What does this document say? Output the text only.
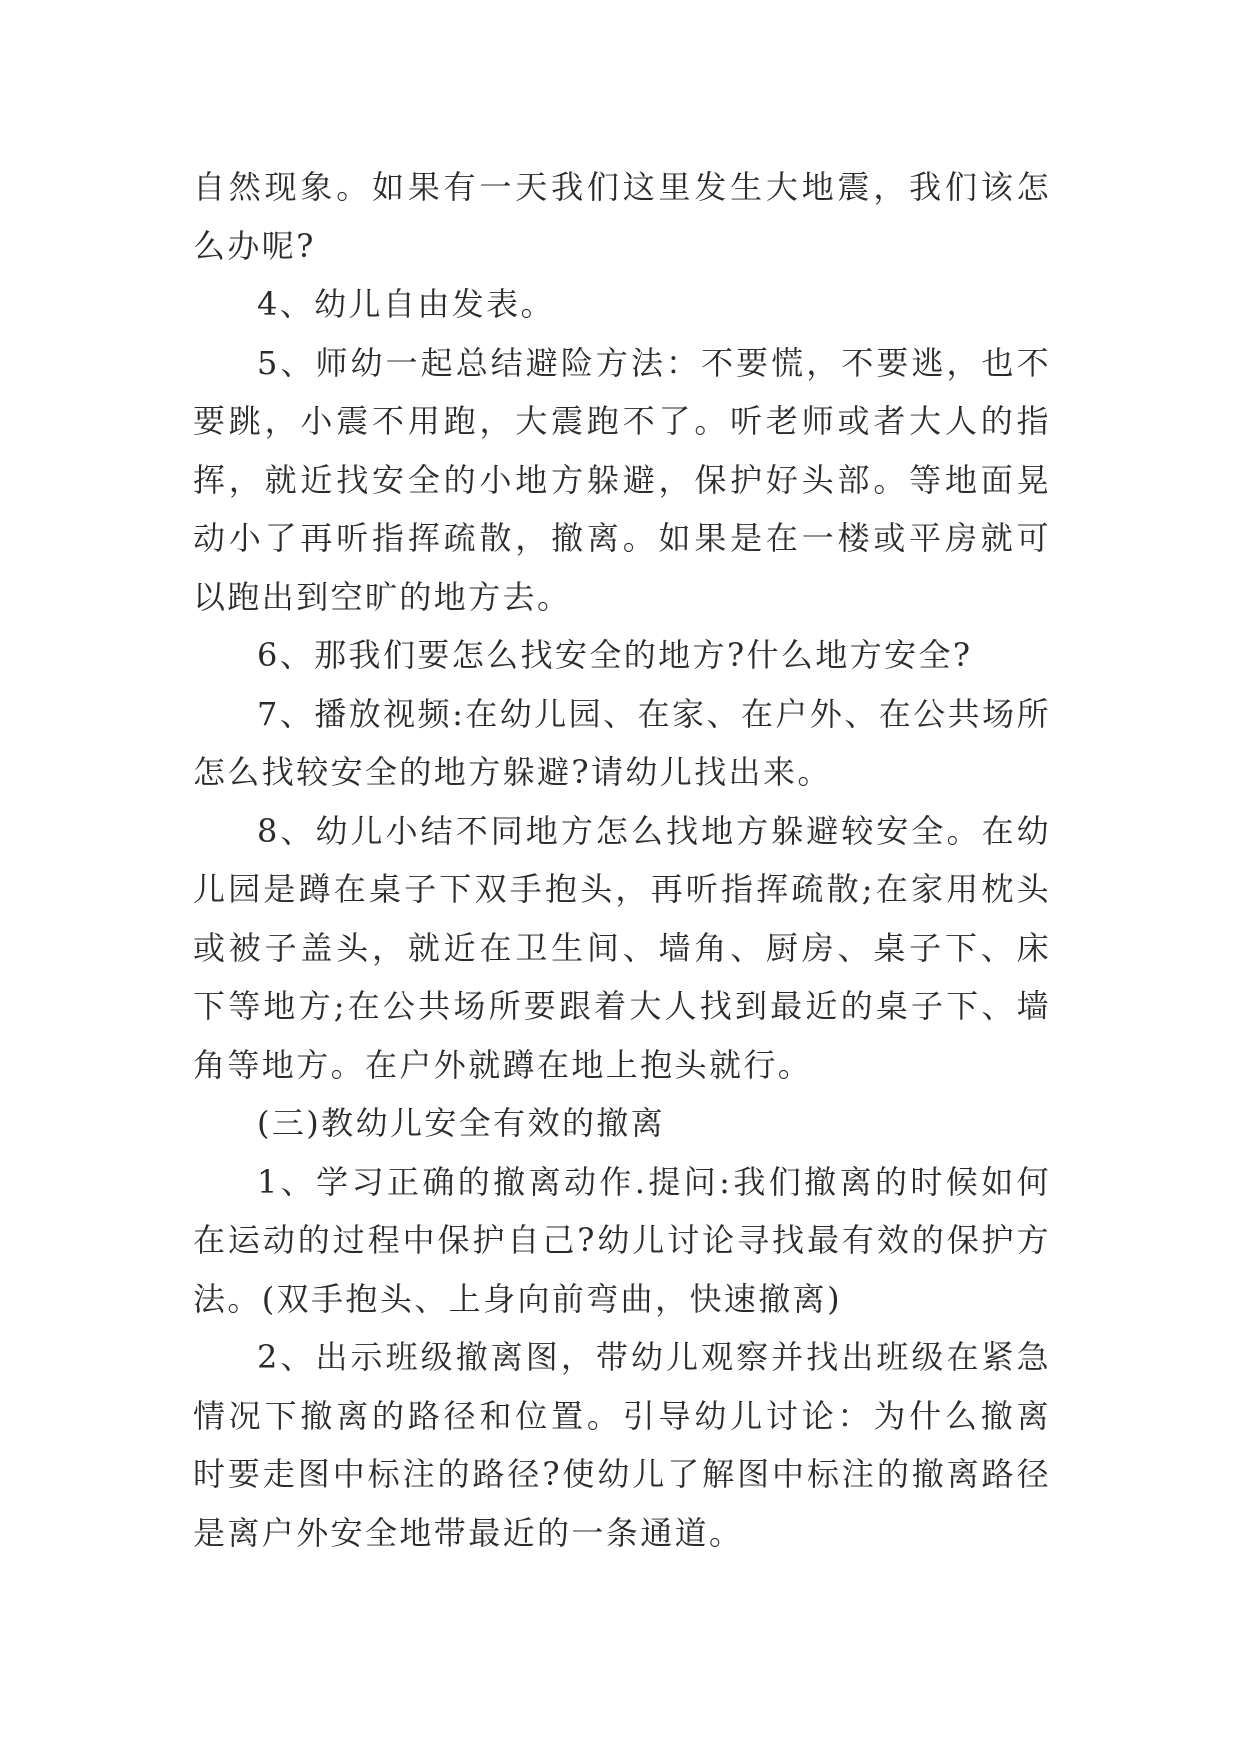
自然现象。如果有一天我们这里发生大地震，我们该怎么办呢?

4、幼儿自由发表。

5、师幼一起总结避险方法：不要慌，不要逃，也不要跳，小震不用跑，大震跑不了。听老师或者大人的指挥，就近找安全的小地方躲避，保护好头部。等地面晃动小了再听指挥疏散，撤离。如果是在一楼或平房就可以跑出到空旷的地方去。

6、那我们要怎么找安全的地方?什么地方安全?

7、播放视频:在幼儿园、在家、在户外、在公共场所怎么找较安全的地方躲避?请幼儿找出来。

8、幼儿小结不同地方怎么找地方躲避较安全。在幼儿园是蹲在桌子下双手抱头，再听指挥疏散;在家用枕头或被子盖头，就近在卫生间、墙角、厨房、桌子下、床下等地方;在公共场所要跟着大人找到最近的桌子下、墙角等地方。在户外就蹲在地上抱头就行。

(三)教幼儿安全有效的撤离

1、学习正确的撤离动作.提问:我们撤离的时候如何在运动的过程中保护自己?幼儿讨论寻找最有效的保护方法。(双手抱头、上身向前弯曲，快速撤离)

2、出示班级撤离图，带幼儿观察并找出班级在紧急情况下撤离的路径和位置。引导幼儿讨论：为什么撤离时要走图中标注的路径?使幼儿了解图中标注的撤离路径是离户外安全地带最近的一条通道。
